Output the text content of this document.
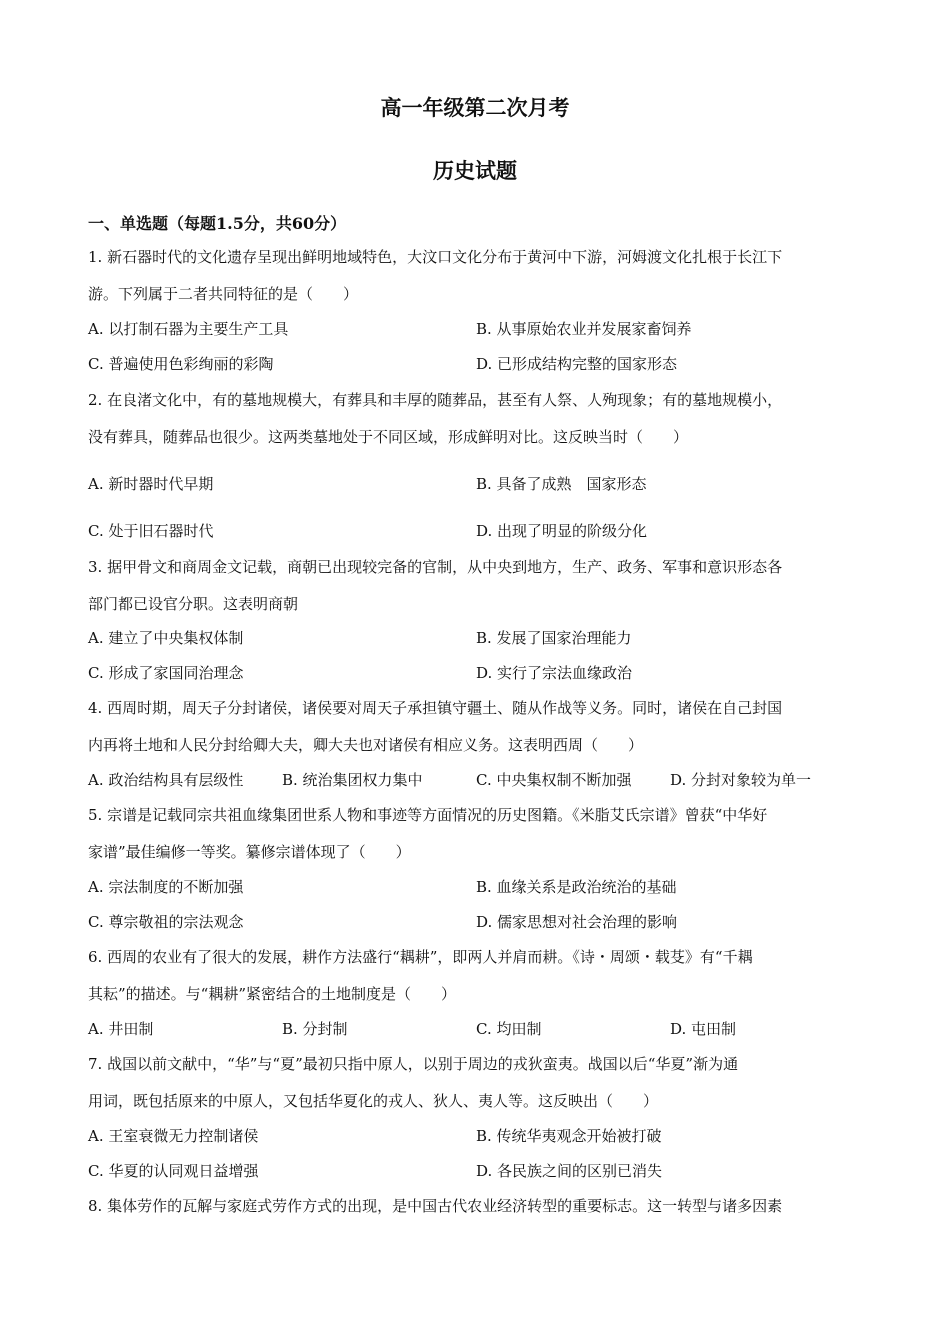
高一年级第二次月考
历史试题
一、单选题（每题1.5分，共60分）
1. 新石器时代的文化遗存呈现出鲜明地域特色，大汶口文化分布于黄河中下游，河姆渡文化扎根于长江下
游。下列属于二者共同特征的是（　　）
A. 以打制石器为主要生产工具	B. 从事原始农业并发展家畜饲养
C. 普遍使用色彩绚丽的彩陶	D. 已形成结构完整的国家形态
2. 在良渚文化中，有的墓地规模大，有葬具和丰厚的随葬品，甚至有人祭、人殉现象；有的墓地规模小，
没有葬具，随葬品也很少。这两类墓地处于不同区域，形成鲜明对比。这反映当时（　　）
A. 新时器时代早期	B. 具备了成熟　国家形态
C. 处于旧石器时代	D. 出现了明显的阶级分化
3. 据甲骨文和商周金文记载，商朝已出现较完备的官制，从中央到地方，生产、政务、军事和意识形态各
部门都已设官分职。这表明商朝
A. 建立了中央集权体制	B. 发展了国家治理能力
C. 形成了家国同治理念	D. 实行了宗法血缘政治
4. 西周时期，周天子分封诸侯，诸侯要对周天子承担镇守疆土、随从作战等义务。同时，诸侯在自己封国
内再将土地和人民分封给卿大夫，卿大夫也对诸侯有相应义务。这表明西周（　　）
A. 政治结构具有层级性	B. 统治集团权力集中	C. 中央集权制不断加强	D. 分封对象较为单一
5. 宗谱是记载同宗共祖血缘集团世系人物和事迹等方面情况的历史图籍。《米脂艾氏宗谱》曾获“中华好
家谱”最佳编修一等奖。纂修宗谱体现了（　　）
A. 宗法制度的不断加强	B. 血缘关系是政治统治的基础
C. 尊宗敬祖的宗法观念	D. 儒家思想对社会治理的影响
6. 西周的农业有了很大的发展，耕作方法盛行“耦耕”，即两人并肩而耕。《诗・周颂・载芟》有“千耦
其耘”的描述。与“耦耕”紧密结合的土地制度是（　　）
A. 井田制	B. 分封制	C. 均田制	D. 屯田制
7. 战国以前文献中，“华”与“夏”最初只指中原人，以别于周边的戎狄蛮夷。战国以后“华夏”渐为通
用词，既包括原来的中原人，又包括华夏化的戎人、狄人、夷人等。这反映出（　　）
A. 王室衰微无力控制诸侯	B. 传统华夷观念开始被打破
C. 华夏的认同观日益增强	D. 各民族之间的区别已消失
8. 集体劳作的瓦解与家庭式劳作方式的出现，是中国古代农业经济转型的重要标志。这一转型与诸多因素
